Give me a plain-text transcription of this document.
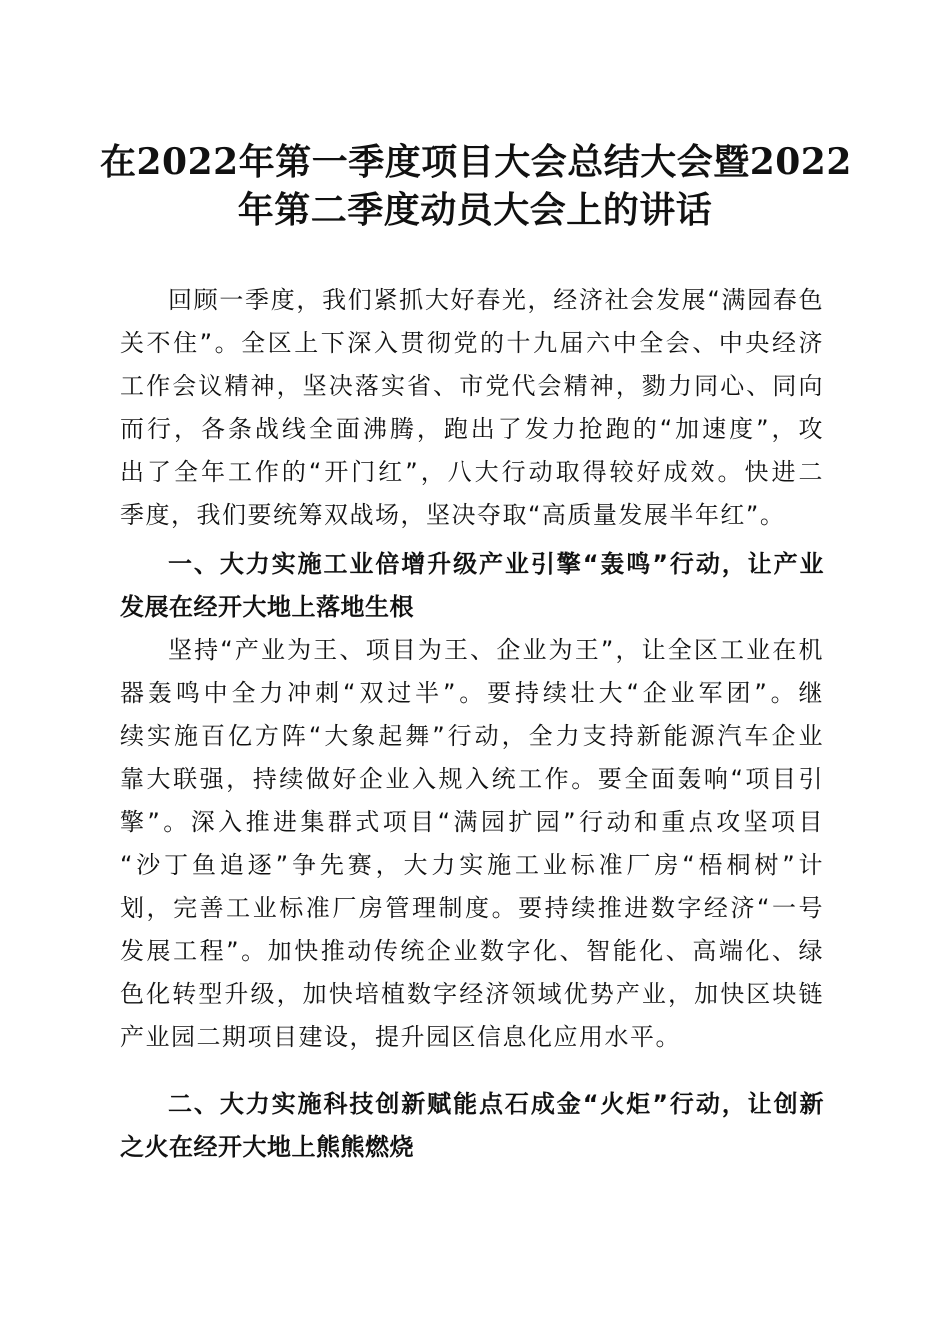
在2022年第一季度项目大会总结大会暨2022
年第二季度动员大会上的讲话
回顾一季度，我们紧抓大好春光，经济社会发展“满园春色
关不住”。全区上下深入贯彻党的十九届六中全会、中央经济
工作会议精神，坚决落实省、市党代会精神，勠力同心、同向
而行，各条战线全面沸腾，跑出了发力抢跑的“加速度”，攻
出了全年工作的“开门红”，八大行动取得较好成效。快进二
季度，我们要统筹双战场，坚决夺取“高质量发展半年红”。
一、大力实施工业倍增升级产业引擎“轰鸣”行动，让产业
发展在经开大地上落地生根
坚持“产业为王、项目为王、企业为王”，让全区工业在机
器轰鸣中全力冲刺“双过半”。要持续壮大“企业军团”。继
续实施百亿方阵“大象起舞”行动，全力支持新能源汽车企业
靠大联强，持续做好企业入规入统工作。要全面轰响“项目引
擎”。深入推进集群式项目“满园扩园”行动和重点攻坚项目
“沙丁鱼追逐”争先赛，大力实施工业标准厂房“梧桐树”计
划，完善工业标准厂房管理制度。要持续推进数字经济“一号
发展工程”。加快推动传统企业数字化、智能化、高端化、绿
色化转型升级，加快培植数字经济领域优势产业，加快区块链
产业园二期项目建设，提升园区信息化应用水平。
二、大力实施科技创新赋能点石成金“火炬”行动，让创新
之火在经开大地上熊熊燃烧
